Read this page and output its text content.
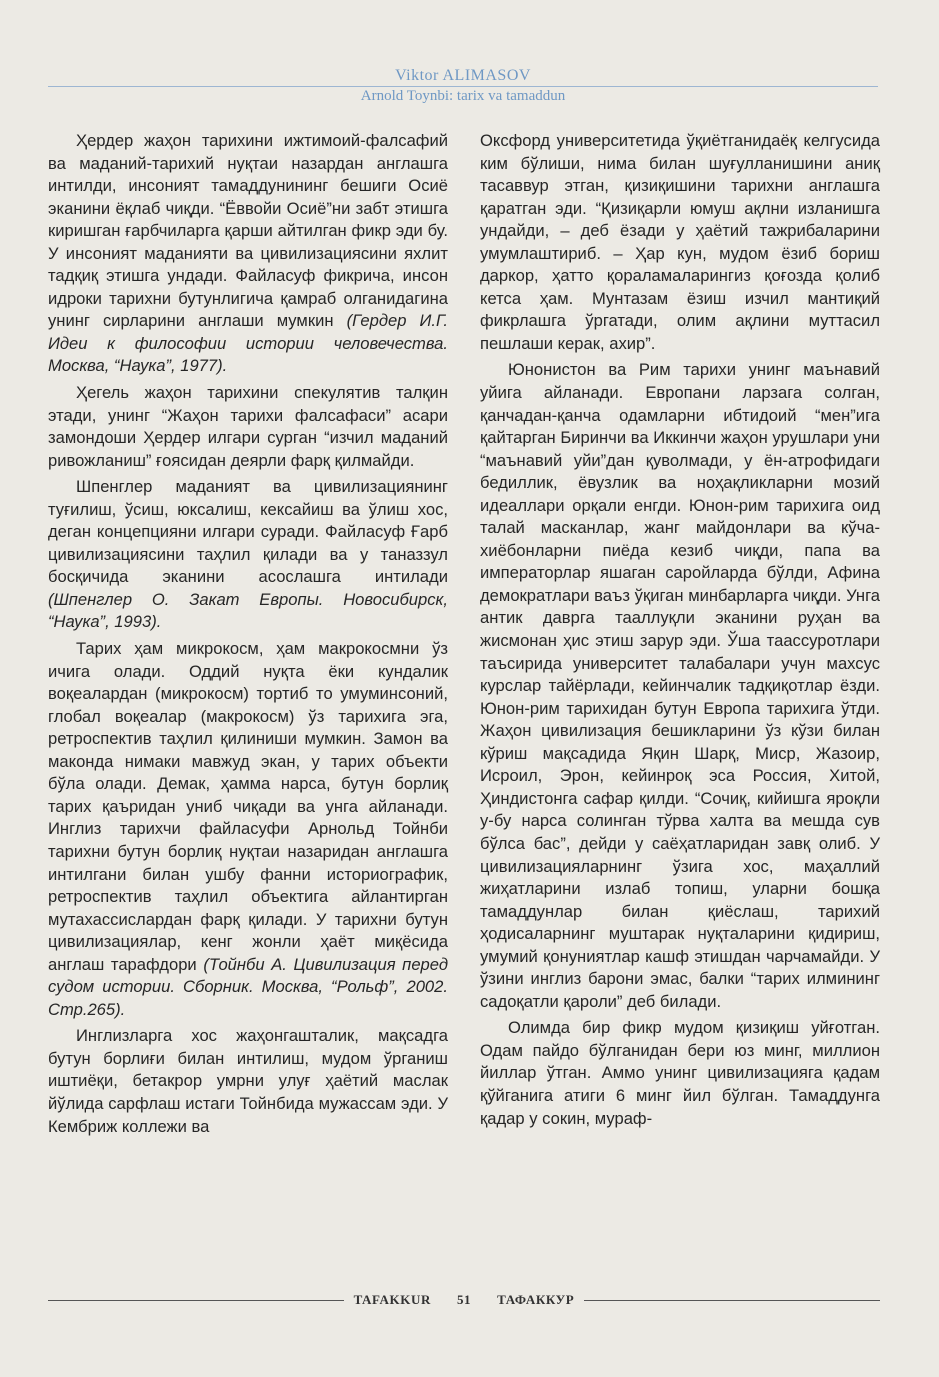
Viktor ALIMASOV
Arnold Toynbi: tarix va tamaddun

Ҳердер жаҳон тарихини ижтимоий-фалсафий ва маданий-тарихий нуқтаи назардан англашга интилди, инсоният тамаддунининг бешиги Осиё эканини ёқлаб чиқди. “Ёввойи Осиё”ни забт этишга киришган ғарбчиларга қарши айтилган фикр эди бу. У инсоният маданияти ва цивилизациясини яхлит тадқиқ этишга ундади. Файласуф фикрича, инсон идроки тарихни бутунлигича қамраб олганидагина унинг сирларини англаши мумкин (Гердер И.Г. Идеи к философии истории человечества. Москва, “Наука”, 1977).

Ҳегель жаҳон тарихини спекулятив талқин этади, унинг “Жаҳон тарихи фалсафаси” асари замондоши Ҳердер илгари сурган “изчил маданий ривожланиш” ғоясидан деярли фарқ қилмайди.

Шпенглер маданият ва цивилизациянинг туғилиш, ўсиш, юксалиш, кексайиш ва ўлиш хос, деган концепцияни илгари суради. Файласуф Ғарб цивилизациясини таҳлил қилади ва у таназзул босқичида эканини асослашга интилади (Шпенглер О. Закат Европы. Новосибирск, “Наука”, 1993).

Тарих ҳам микрокосм, ҳам макрокосмни ўз ичига олади. Оддий нуқта ёки кундалик воқеалардан (микрокосм) тортиб то умуминсоний, глобал воқеалар (макрокосм) ўз тарихига эга, ретроспектив таҳлил қилиниши мумкин. Замон ва маконда нимаки мавжуд экан, у тарих объекти бўла олади. Демак, ҳамма нарса, бутун борлиқ тарих қаъридан униб чиқади ва унга айланади. Инглиз тарихчи файласуфи Арнольд Тойнби тарихни бутун борлиқ нуқтаи назаридан англашга интилгани билан ушбу фанни историографик, ретроспектив таҳлил объектига айлантирган мутахассислардан фарқ қилади. У тарихни бутун цивилизациялар, кенг жонли ҳаёт миқёсида англаш тарафдори (Тойнби А. Цивилизация перед судом истории. Сборник. Москва, “Рольф”, 2002. Стр.265).

Инглизларга хос жаҳонгашталик, мақсадга бутун борлиғи билан интилиш, мудом ўрганиш иштиёқи, бетакрор умрни улуғ ҳаётий маслак йўлида сарфлаш истаги Тойнбида мужассам эди. У Кембриж коллежи ва

Оксфорд университетида ўқиётганидаёқ келгусида ким бўлиши, нима билан шуғулланишини аниқ тасаввур этган, қизиқишини тарихни англашга қаратган эди. “Қизиқарли юмуш ақлни изланишга ундайди, – деб ёзади у ҳаётий тажрибаларини умумлаштириб. – Ҳар кун, мудом ёзиб бориш даркор, ҳатто қораламаларингиз қоғозда қолиб кетса ҳам. Мунтазам ёзиш изчил мантиқий фикрлашга ўргатади, олим ақлини муттасил пешлаши керак, ахир”.

Юнонистон ва Рим тарихи унинг маънавий уйига айланади. Европани ларзага солган, қанчадан-қанча одамларни ибтидоий “мен”ига қайтарган Биринчи ва Иккинчи жаҳон урушлари уни “маънавий уйи”дан қуволмади, у ён-атрофидаги бедиллик, ёвузлик ва ноҳақликларни мозий идеаллари орқали енгди. Юнон-рим тарихига оид талай масканлар, жанг майдонлари ва кўча-хиёбонларни пиёда кезиб чиқди, папа ва императорлар яшаган саройларда бўлди, Афина демократлари ваъз ўқиган минбарларга чиқди. Унга антик даврга тааллуқли эканини руҳан ва жисмонан ҳис этиш зарур эди. Ўша таассуротлари таъсирида университет талабалари учун махсус курслар тайёрлади, кейинчалик тадқиқотлар ёзди. Юнон-рим тарихидан бутун Европа тарихига ўтди. Жаҳон цивилизация бешикларини ўз кўзи билан кўриш мақсадида Яқин Шарқ, Миср, Жазоир, Исроил, Эрон, кейинроқ эса Россия, Хитой, Ҳиндистонга сафар қилди. “Сочиқ, кийишга яроқли у-бу нарса солинган тўрва халта ва мешда сув бўлса бас”, дейди у саёҳатларидан завқ олиб. У цивилизацияларнинг ўзига хос, маҳаллий жиҳатларини излаб топиш, уларни бошқа тамаддунлар билан қиёслаш, тарихий ҳодисаларнинг муштарак нуқталарини қидириш, умумий қонуниятлар кашф этишдан чарчамайди. У ўзини инглиз барони эмас, балки “тарих илмининг садоқатли қароли” деб билади.

Олимда бир фикр мудом қизиқиш уйғотган. Одам пайдо бўлганидан бери юз минг, миллион йиллар ўтган. Аммо унинг цивилизацияга қадам қўйганига атиги 6 минг йил бўлган. Тамаддунга қадар у сокин, мураф-

TAFAKKUR	51	ТАФАККУР
